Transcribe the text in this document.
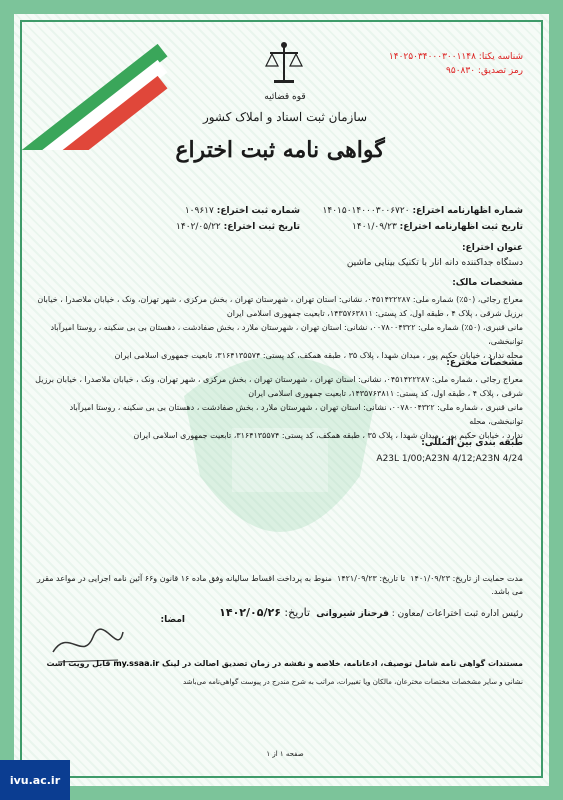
شناسه یکتا: ۱۴۰۲۵۰۳۴۰۰۰۳۰۰۱۱۴۸
رمز تصدیق: ۹۵۰۸۳۰
قوه قضائیه
سازمان ثبت اسناد و املاک کشور
گواهی نامه ثبت اختراع
شماره اظهارنامه اختراع: ۱۴۰۱۵۰۱۴۰۰۰۳۰۰۶۷۲۰
شماره ثبت اختراع: ۱۰۹۶۱۷
تاریخ ثبت اظهارنامه اختراع: ۱۴۰۱/۰۹/۲۳
تاریخ ثبت اختراع: ۱۴۰۲/۰۵/۲۲
عنوان اختراع:
دستگاه جداکننده دانه انار با تکنیک بینایی ماشین
مشخصات مالک:
معراج رجائی، (۵۰٪) شماره ملی: ۰۴۵۱۴۲۲۲۸۷، نشانی: استان تهران ، شهرستان تهران ، بخش مرکزی ، شهر تهران، ونک ، خیابان ملاصدرا ، خیابان
برزیل شرقی ، پلاک ۴ ، طبقه اول، کد پستی: ۱۴۳۵۷۶۳۸۱۱، تابعیت جمهوری اسلامی ایران
مانی قنبری، (۵۰٪) شماره ملی: ۰۰۷۸۰۰۴۳۲۲، نشانی: استان تهران ، شهرستان ملارد ، بخش صفادشت ، دهستان بی بی سکینه ، روستا امیرآباد توانبخشی،
محله ندارد ، خیابان حکیم پور ، میدان شهدا ، پلاک ۳۵ ، طبقه همکف، کد پستی: ۳۱۶۴۱۳۵۵۷۴، تابعیت جمهوری اسلامی ایران
مشخصات مخترع:
معراج رجائی ، شماره ملی: ۰۴۵۱۴۲۲۲۸۷، نشانی: استان تهران ، شهرستان تهران ، بخش مرکزی ، شهر تهران، ونک ، خیابان ملاصدرا ، خیابان برزیل
شرقی ، پلاک ۴ ، طبقه اول، کد پستی: ۱۴۳۵۷۶۳۸۱۱، تابعیت جمهوری اسلامی ایران
مانی قنبری ، شماره ملی: ۰۰۷۸۰۰۴۳۲۲، نشانی: استان تهران ، شهرستان ملارد ، بخش صفادشت ، دهستان بی بی سکینه ، روستا امیرآباد توانبخشی، محله
ندارد ، خیابان حکیم پور ، میدان شهدا ، پلاک ۳۵ ، طبقه همکف، کد پستی: ۳۱۶۴۱۳۵۵۷۴، تابعیت جمهوری اسلامی ایران
طبقه بندی بین المللی:
A23L 1/00;A23N 4/12;A23N 4/24
مدت حمایت از تاریخ: ۱۴۰۱/۰۹/۲۳  تا تاریخ: ۱۴۲۱/۰۹/۲۳  منوط به پرداخت اقساط سالیانه وفق ماده ۱۶ قانون و۶۶ آئین نامه اجرایی در مواعد مقرر می باشد.
رئیس اداره ثبت اختراعات /معاون : فرحناز شیروانی
امضا:
تاریخ: ۱۴۰۲/۰۵/۲۶
مستندات گواهی نامه شامل توصیف، ادعانامه، خلاصه و نقشه در زمان تصدیق اصالت در لینک my.ssaa.ir قابل رویت است
نشانی و سایر مشخصات مختصات مخترعان، مالکان ویا تغییرات، مراتب به شرح مندرج در پیوست گواهی‌نامه می‌باشد
صفحه ۱ از ۱
ivu.ac.ir
